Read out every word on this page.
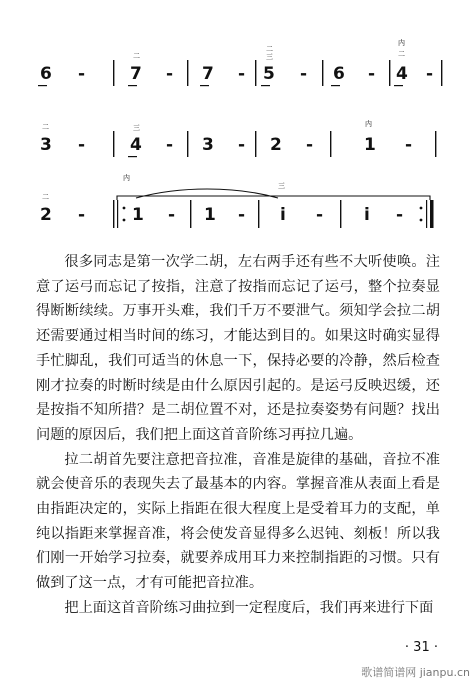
6 -
二
7 - 7 -
二
三
5 - 6 -
内
二
4 -
二
3 -
三
4 - 3 - 2 -
内
1 -
二
2 -
内
1 - 1 -
三
i - i -

很多同志是第一次学二胡，左右两手还有些不大听使唤。注意了运弓而忘记了按指，注意了按指而忘记了运弓，整个拉奏显得断断续续。万事开头难，我们千万不要泄气。须知学会拉二胡还需要通过相当时间的练习，才能达到目的。如果这时确实显得手忙脚乱，我们可适当的休息一下，保持必要的冷静，然后检查刚才拉奏的时断时续是由什么原因引起的。是运弓反映迟缓，还是按指不知所措？是二胡位置不对，还是拉奏姿势有问题？找出问题的原因后，我们把上面这首音阶练习再拉几遍。

拉二胡首先要注意把音拉准，音准是旋律的基础，音拉不准就会使音乐的表现失去了最基本的内容。掌握音准从表面上看是由指距决定的，实际上指距在很大程度上是受着耳力的支配，单纯以指距来掌握音准，将会使发音显得多么迟钝、刻板！所以我们刚一开始学习拉奏，就要养成用耳力来控制指距的习惯。只有做到了这一点，才有可能把音拉准。

把上面这首音阶练习曲拉到一定程度后，我们再来进行下面

· 31 ·
歌谱简谱网 jianpu.cn
